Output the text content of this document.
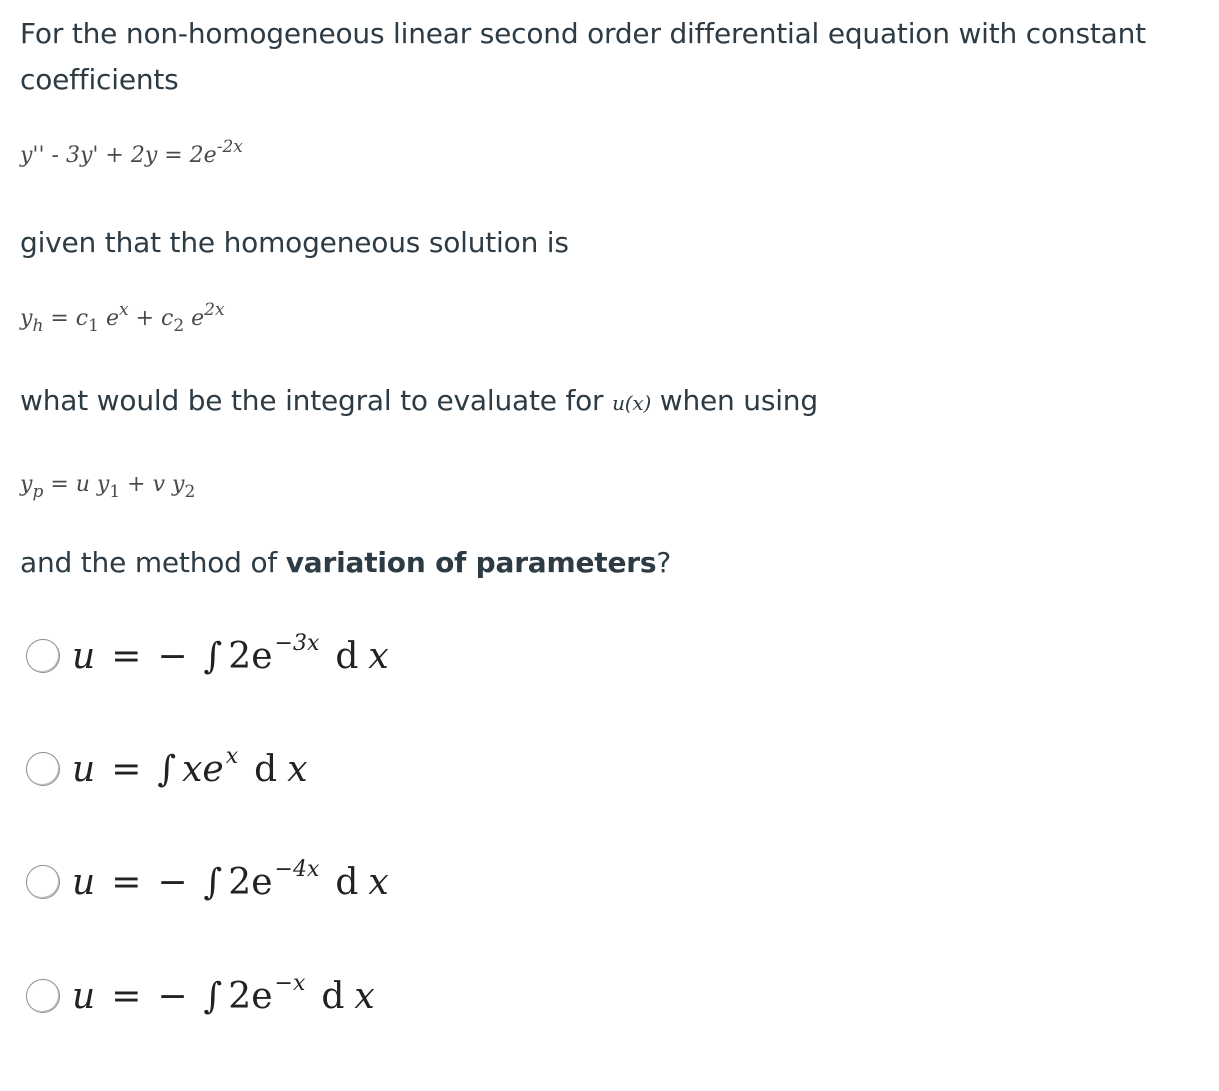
For the non-homogeneous linear second order differential equation with constant coefficients

$y'' - 3y' + 2y = 2e^{-2x}$

given that the homogeneous solution is

$y_h = c_1$ $e^x + c_2$ $e^{2x}$

what would be the integral to evaluate for u(x) when using

$y_p = u$ $y_1 + v$ $y_2$

and the method of variation of parameters?

u = − ∫ 2e −3x d x
u = ∫ xe x d x
u = − ∫ 2e −4x d x
u = − ∫ 2e −x d x
